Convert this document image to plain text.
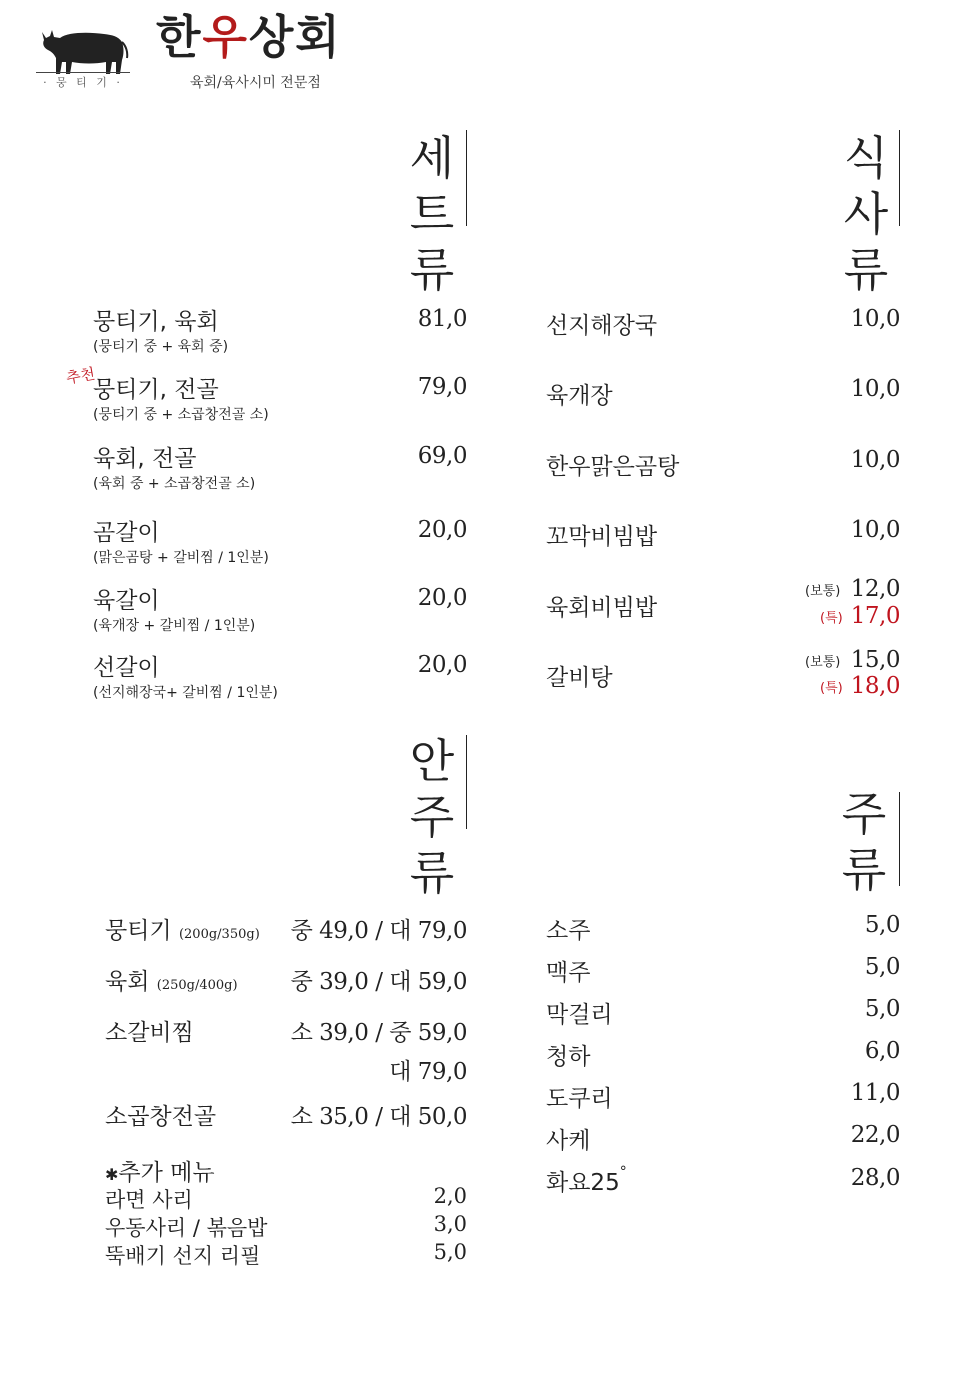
· 뭉 티 기 ·
한우상회
육회/육사시미 전문점
세
트
류
식
사
류
뭉티기, 육회
(뭉티기 중 + 육회 중)
81,0
추천
뭉티기, 전골
(뭉티기 중 + 소곱창전골 소)
79,0
육회, 전골
(육회 중 + 소곱창전골 소)
69,0
곰갈이
(맑은곰탕 + 갈비찜 / 1인분)
20,0
육갈이
(육개장 + 갈비찜 / 1인분)
20,0
선갈이
(선지해장국+ 갈비찜 / 1인분)
20,0
선지해장국	10,0
육개장	10,0
한우맑은곰탕	10,0
꼬막비빔밥	10,0
육회비빔밥
(보통) 12,0
(특) 17,0
갈비탕
(보통) 15,0
(특) 18,0
안
주
류
주
류
뭉티기 (200g/350g)	중 49,0 / 대 79,0
육회 (250g/400g)	중 39,0 / 대 59,0
소갈비찜	소 39,0 / 중 59,0
대 79,0
소곱창전골	소 35,0 / 대 50,0
✱추가 메뉴
라면 사리	2,0
우동사리 / 볶음밥	3,0
뚝배기 선지 리필	5,0
소주	5,0
맥주	5,0
막걸리	5,0
청하	6,0
도쿠리	11,0
사케	22,0
화요25°	28,0
